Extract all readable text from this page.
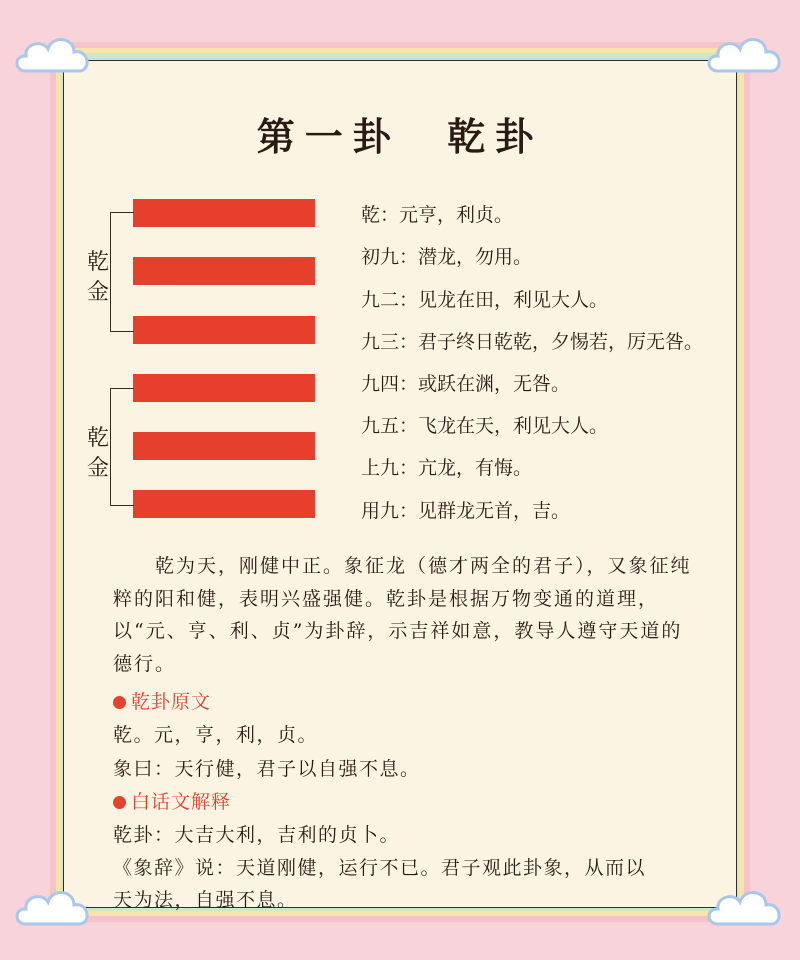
第一卦  乾卦
乾
金
乾
金
乾：元亨，利贞。
初九：潜龙，勿用。
九二：见龙在田，利见大人。
九三：君子终日乾乾，夕惕若，厉无咎。
九四：或跃在渊，无咎。
九五：飞龙在天，利见大人。
上九：亢龙，有悔。
用九：见群龙无首，吉。

乾为天，刚健中正。象征龙（德才两全的君子），又象征纯粹的阳和健，表明兴盛强健。乾卦是根据万物变通的道理，以“元、亨、利、贞”为卦辞，示吉祥如意，教导人遵守天道的德行。

乾卦原文
乾。元，亨，利，贞。
象曰：天行健，君子以自强不息。
白话文解释
乾卦：大吉大利，吉利的贞卜。
《象辞》说：天道刚健，运行不已。君子观此卦象，从而以
天为法，自强不息。
